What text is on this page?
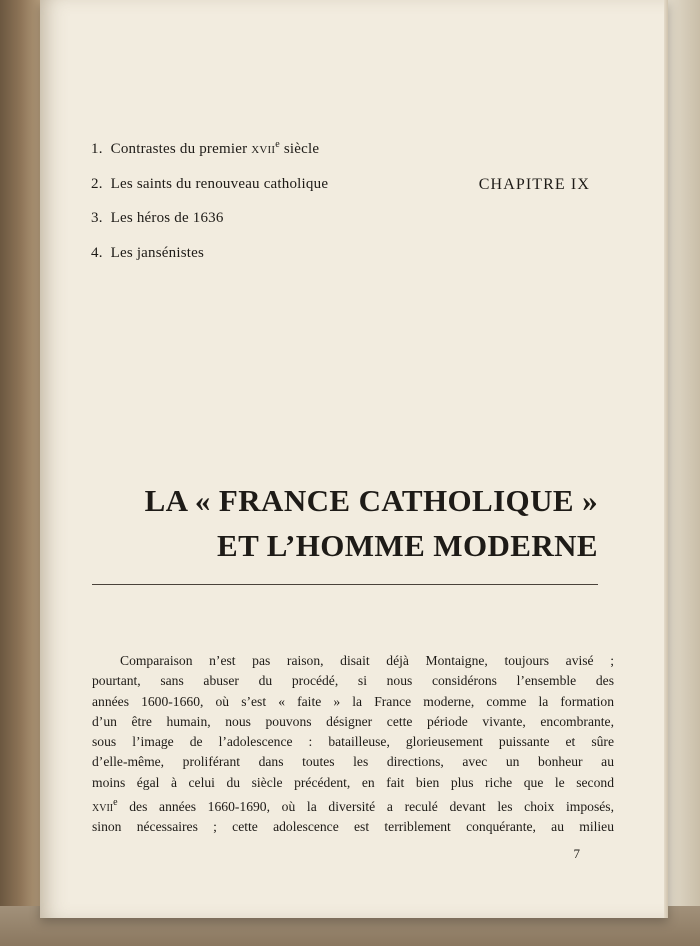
1. Contrastes du premier xvii$^e$ siècle
2. Les saints du renouveau catholique
3. Les héros de 1636
4. Les jansénistes
CHAPITRE IX
LA « FRANCE CATHOLIQUE »
ET L’HOMME MODERNE

Comparaison n’est pas raison, disait déjà Montaigne, toujours avisé ;
pourtant, sans abuser du procédé, si nous considérons l’ensemble des
années 1600-1660, où s’est « faite » la France moderne, comme la formation
d’un être humain, nous pouvons désigner cette période vivante, encombrante,
sous l’image de l’adolescence : batailleuse, glorieusement puissante et sûre
d’elle-même, proliférant dans toutes les directions, avec un bonheur au
moins égal à celui du siècle précédent, en fait bien plus riche que le second
xvii$^e$ des années 1660-1690, où la diversité a reculé devant les choix imposés,
sinon nécessaires ; cette adolescence est terriblement conquérante, au milieu

7
